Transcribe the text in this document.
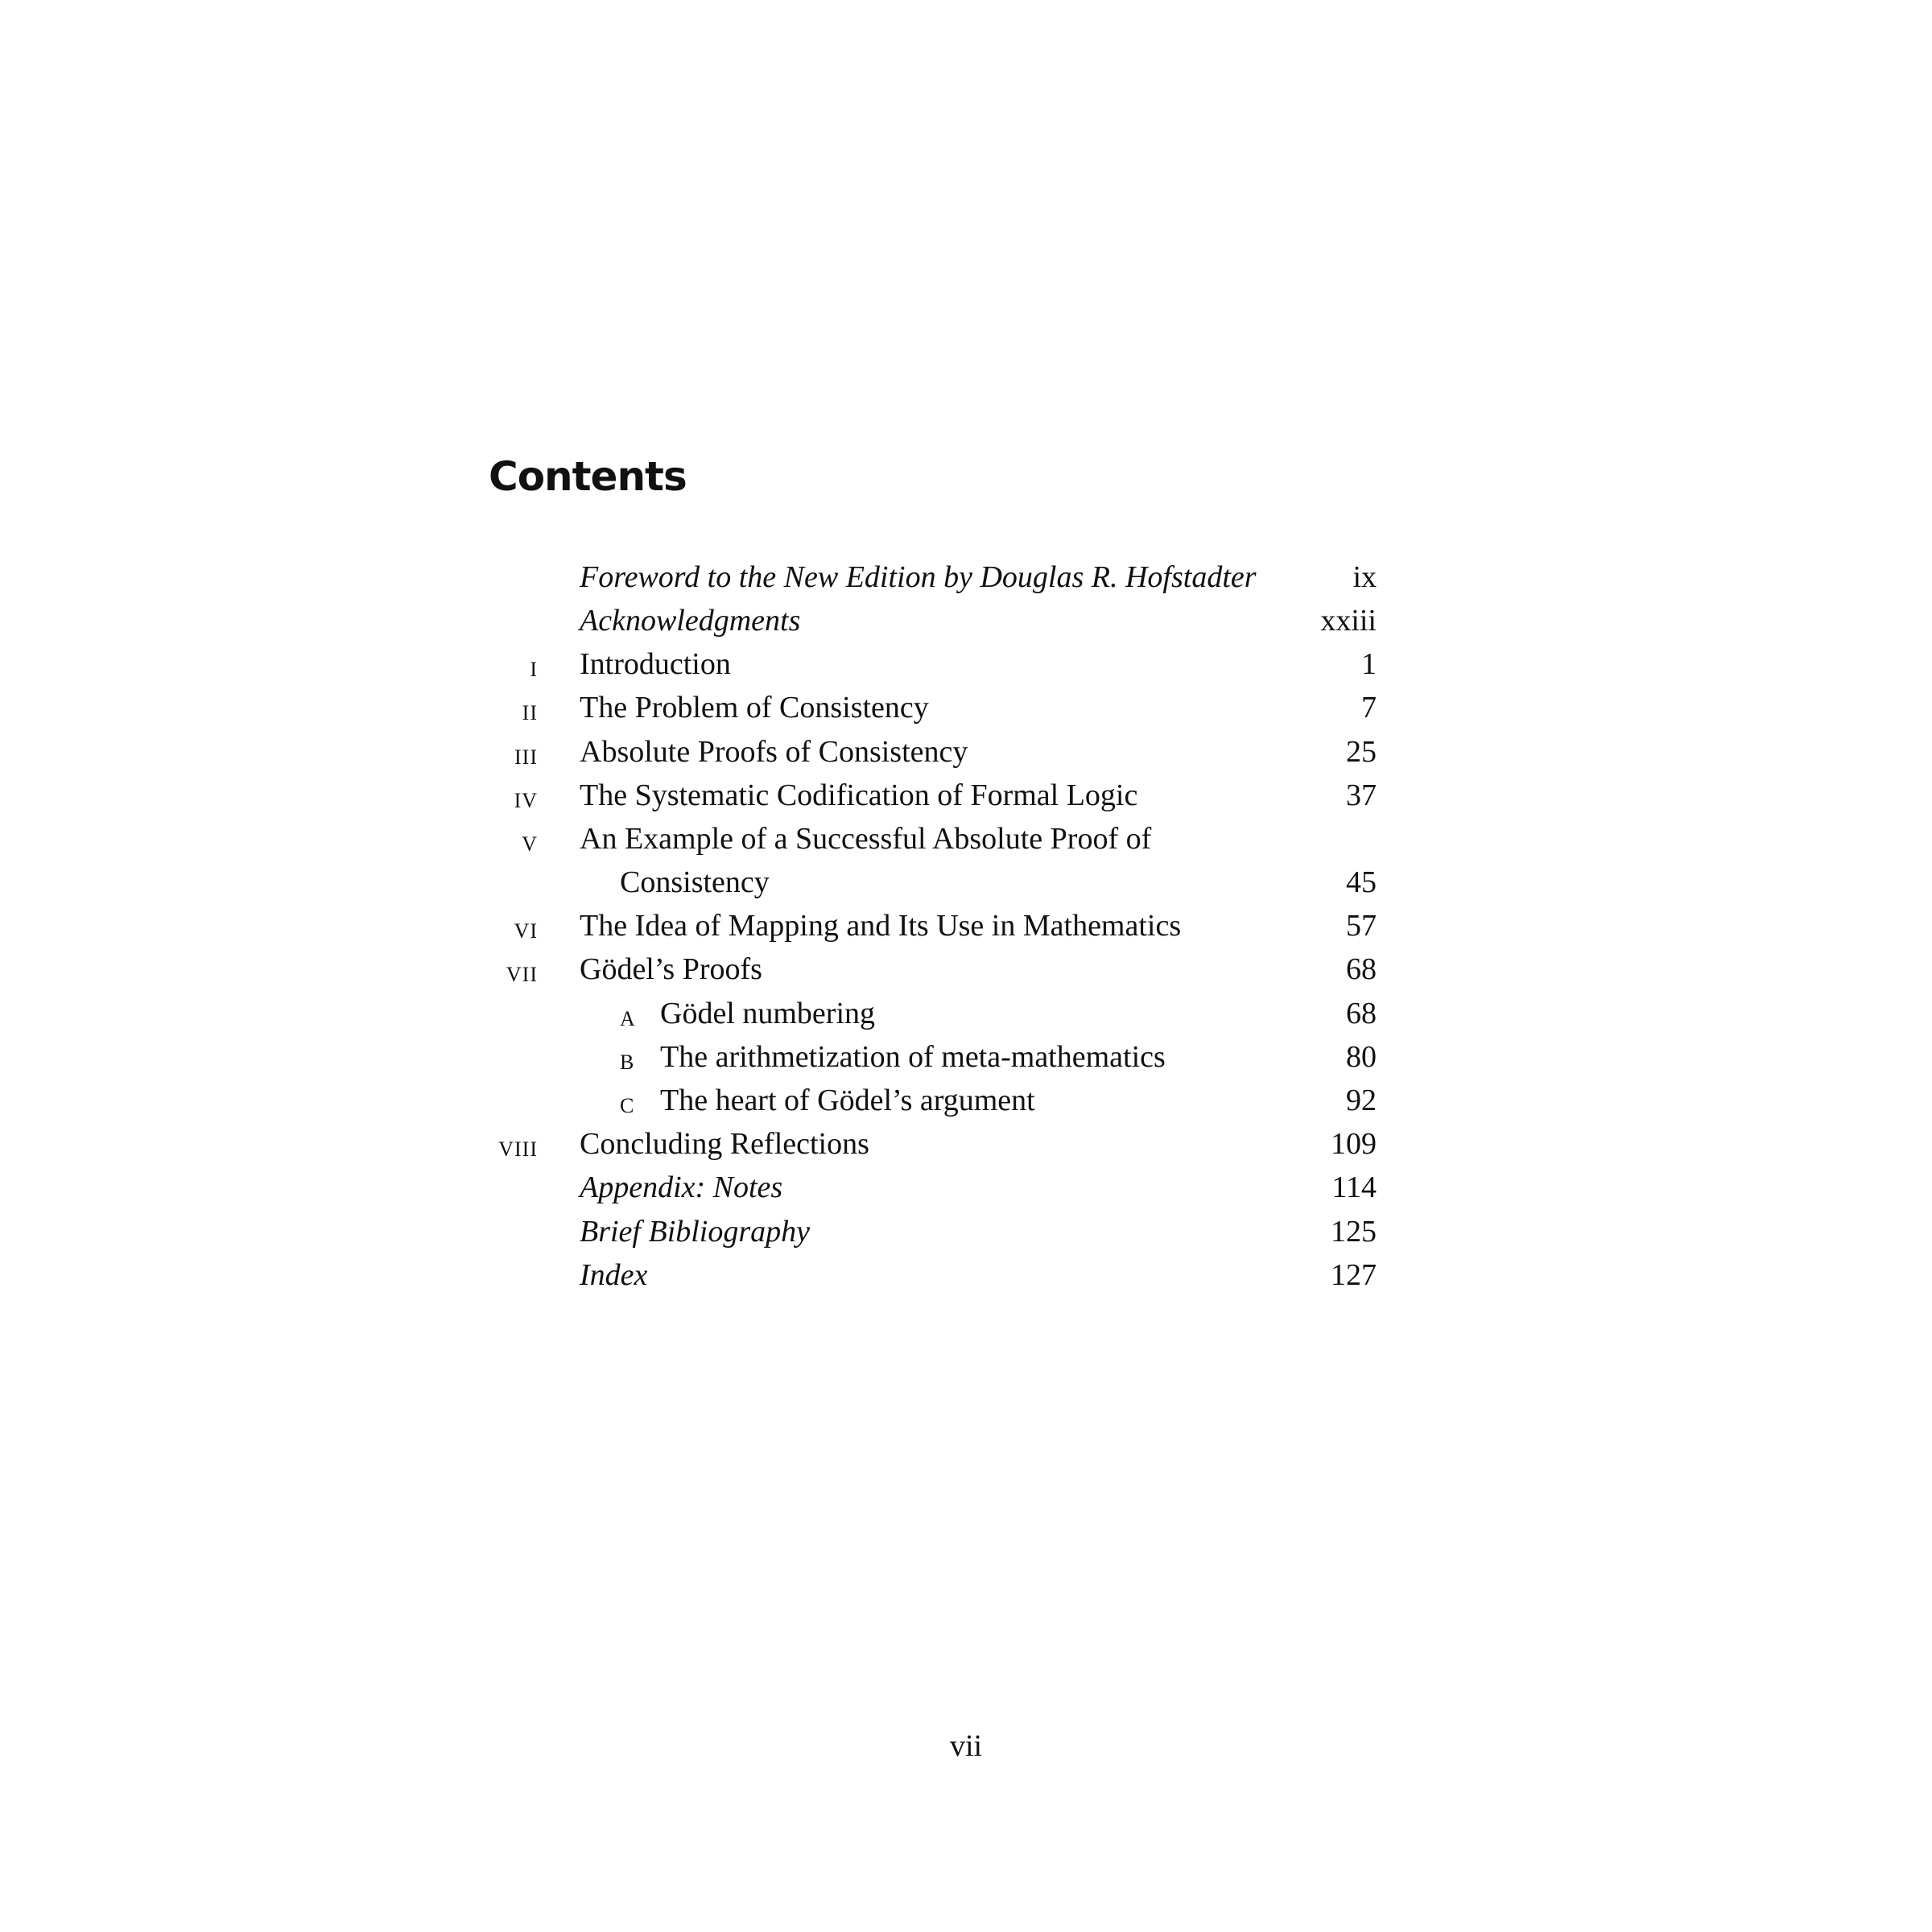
Contents
Foreword to the New Edition by Douglas R. Hofstadter	ix
Acknowledgments	xxiii
I Introduction	1
II The Problem of Consistency	7
III Absolute Proofs of Consistency	25
IV The Systematic Codification of Formal Logic	37
V An Example of a Successful Absolute Proof of
Consistency	45
VI The Idea of Mapping and Its Use in Mathematics	57
VII Gödel’s Proofs	68
A Gödel numbering	68
B The arithmetization of meta-mathematics	80
C The heart of Gödel’s argument	92
VIII Concluding Reflections	109
Appendix: Notes	114
Brief Bibliography	125
Index	127
vii
